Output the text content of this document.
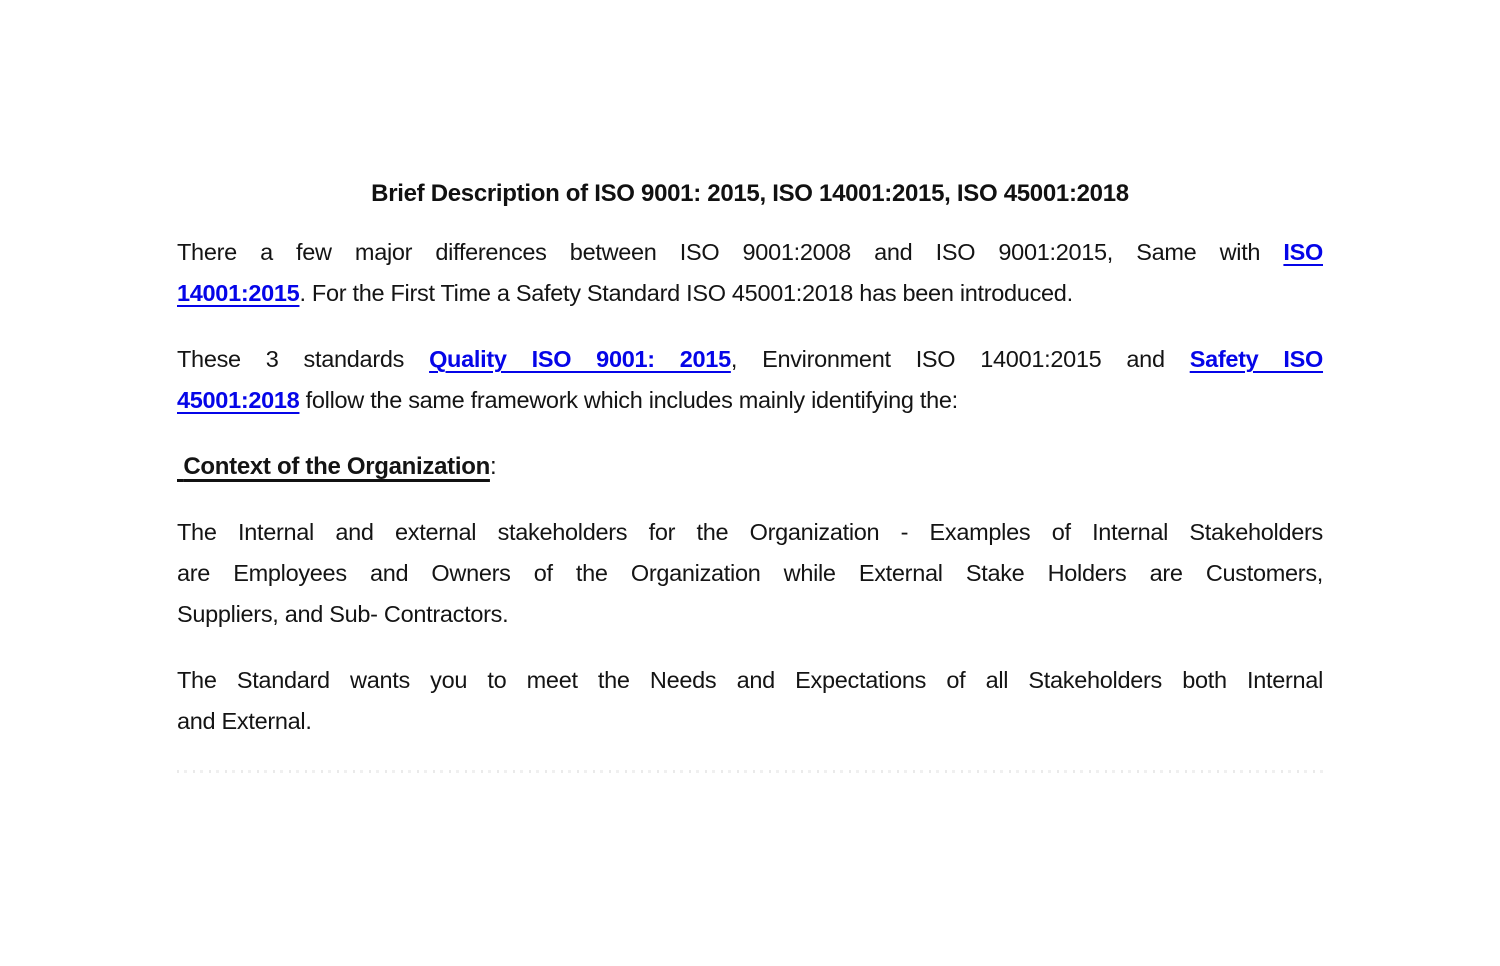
Brief Description of ISO 9001: 2015, ISO 14001:2015, ISO 45001:2018
There a few major differences between ISO 9001:2008 and ISO 9001:2015, Same with ISO
14001:2015. For the First Time a Safety Standard ISO 45001:2018 has been introduced.
These 3 standards Quality ISO 9001: 2015, Environment ISO 14001:2015 and Safety ISO
45001:2018 follow the same framework which includes mainly identifying the:
Context of the Organization:
The Internal and external stakeholders for the Organization - Examples of Internal Stakeholders
are Employees and Owners of the Organization while External Stake Holders are Customers,
Suppliers, and Sub- Contractors.
The Standard wants you to meet the Needs and Expectations of all Stakeholders both Internal
and External.
